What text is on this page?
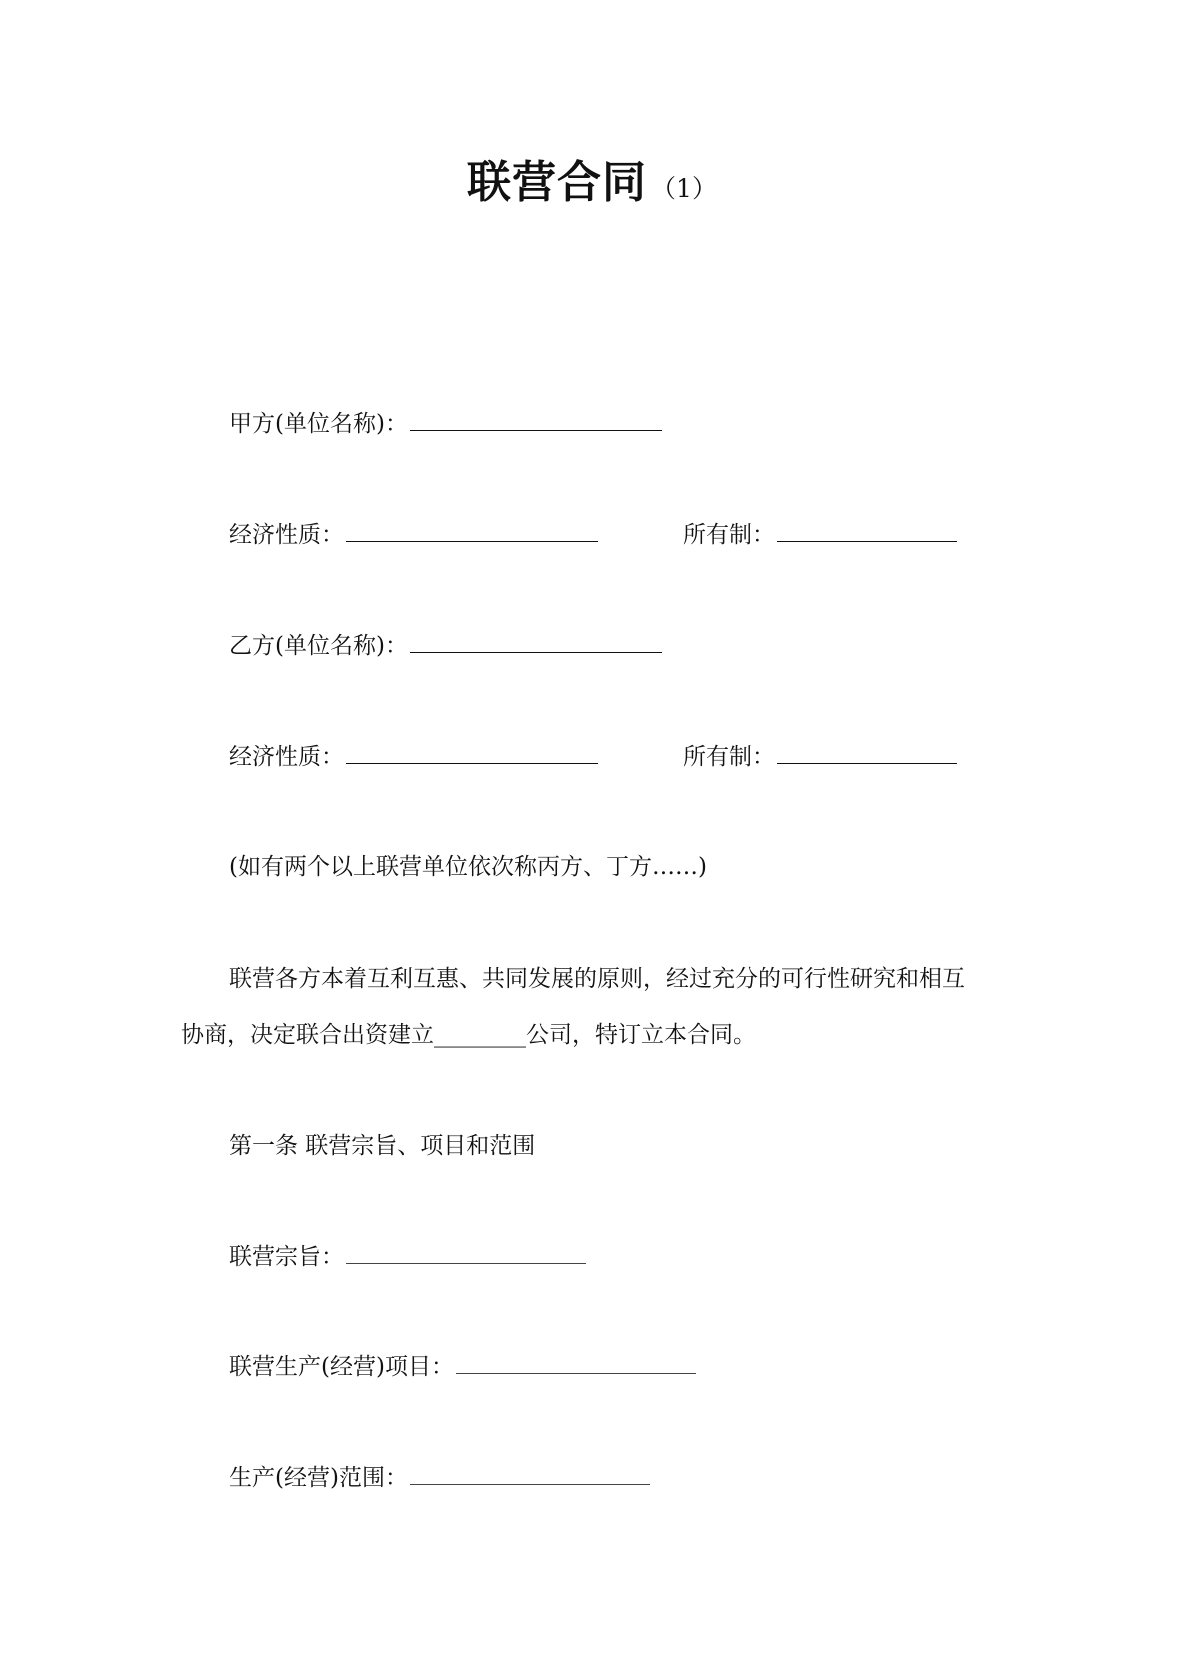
联营合同 （1）
甲方(单位名称)：
经济性质：	所有制：
乙方(单位名称)：
经济性质：	所有制：
(如有两个以上联营单位依次称丙方、丁方……)
联营各方本着互利互惠、共同发展的原则，经过充分的可行性研究和相互
协商，决定联合出资建立________公司，特订立本合同。
第一条 联营宗旨、项目和范围
联营宗旨：
联营生产(经营)项目：
生产(经营)范围：
